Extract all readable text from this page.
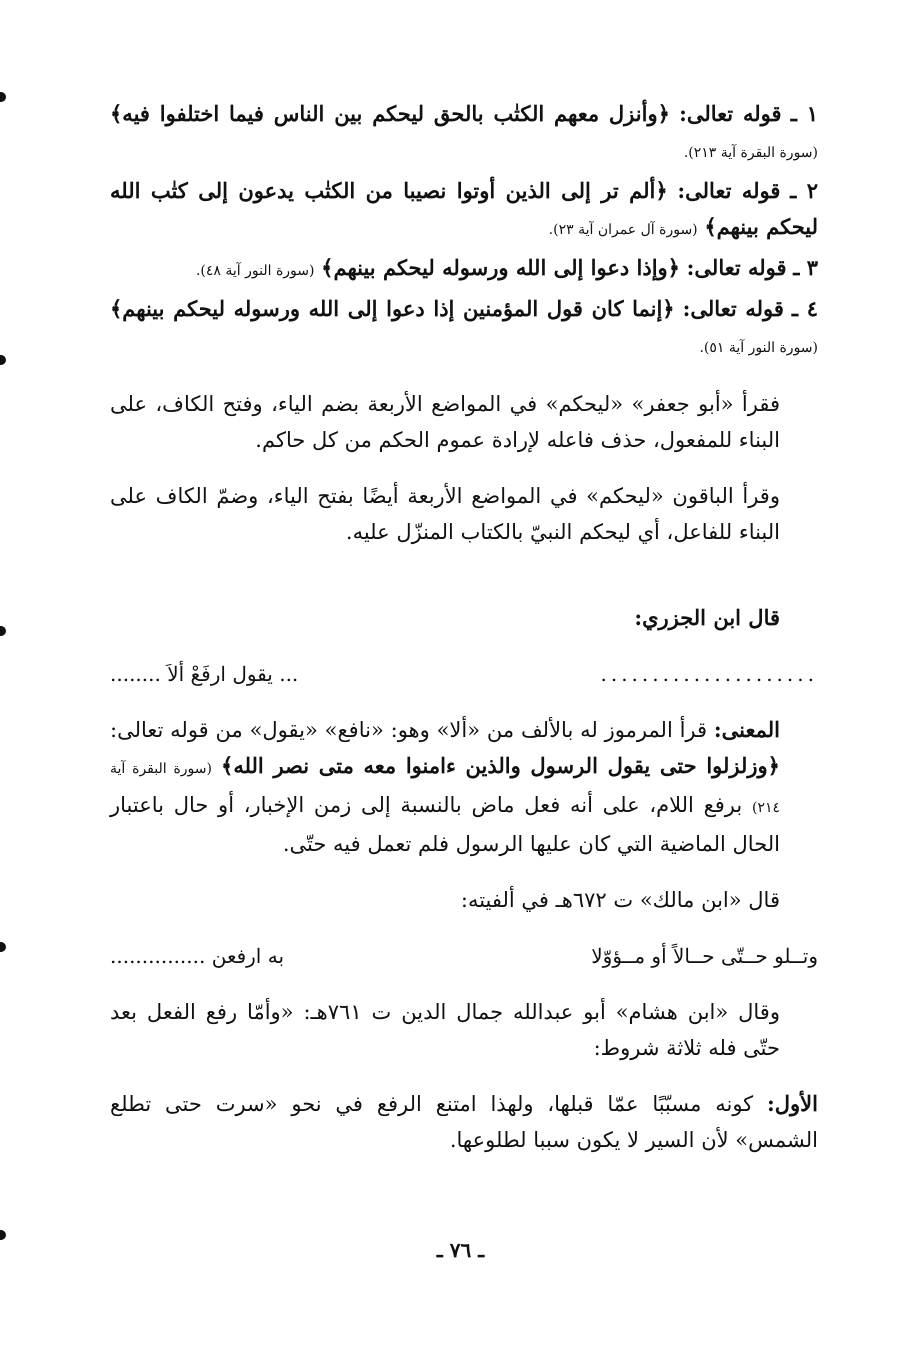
١ ـ قوله تعالى: ﴿وأنزل معهم الكتٰب بالحق ليحكم بين الناس فيما اختلفوا فيه﴾ (سورة البقرة آية ٢١٣).

٢ ـ قوله تعالى: ﴿ألم تر إلى الذين أوتوا نصيبا من الكتٰب يدعون إلى كتٰب الله ليحكم بينهم﴾ (سورة آل عمران آية ٢٣).

٣ ـ قوله تعالى: ﴿وإذا دعوا إلى الله ورسوله ليحكم بينهم﴾ (سورة النور آية ٤٨).

٤ ـ قوله تعالى: ﴿إنما كان قول المؤمنين إذا دعوا إلى الله ورسوله ليحكم بينهم﴾ (سورة النور آية ٥١).

فقرأ «أبو جعفر» «ليحكم» في المواضع الأربعة بضم الياء، وفتح الكاف، على البناء للمفعول، حذف فاعله لإرادة عموم الحكم من كل حاكم.

وقرأ الباقون «ليحكم» في المواضع الأربعة أيضًا بفتح الياء، وضمّ الكاف على البناء للفاعل، أي ليحكم النبيّ بالكتاب المنزّل عليه.

قال ابن الجزري:

.....................
... يقول ارفَعْ ألاَ ........

المعنى: قرأ المرموز له بالألف من «ألا» وهو: «نافع» «يقول» من قوله تعالى: ﴿وزلزلوا حتى يقول الرسول والذين ءامنوا معه متى نصر الله﴾ (سورة البقرة آية ٢١٤) برفع اللام، على أنه فعل ماض بالنسبة إلى زمن الإخبار، أو حال باعتبار الحال الماضية التي كان عليها الرسول فلم تعمل فيه حتّى.

قال «ابن مالك» ت ٦٧٢هـ في ألفيته:

وتــلو حــتّى حــالاً أو مــؤوّلا
به ارفعن ...............

وقال «ابن هشام» أبو عبدالله جمال الدين ت ٧٦١هـ: «وأمّا رفع الفعل بعد حتّى فله ثلاثة شروط:

الأول: كونه مسبّبًا عمّا قبلها، ولهذا امتنع الرفع في نحو «سرت حتى تطلع الشمس» لأن السير لا يكون سببا لطلوعها.

ـ ٧٦ ـ
